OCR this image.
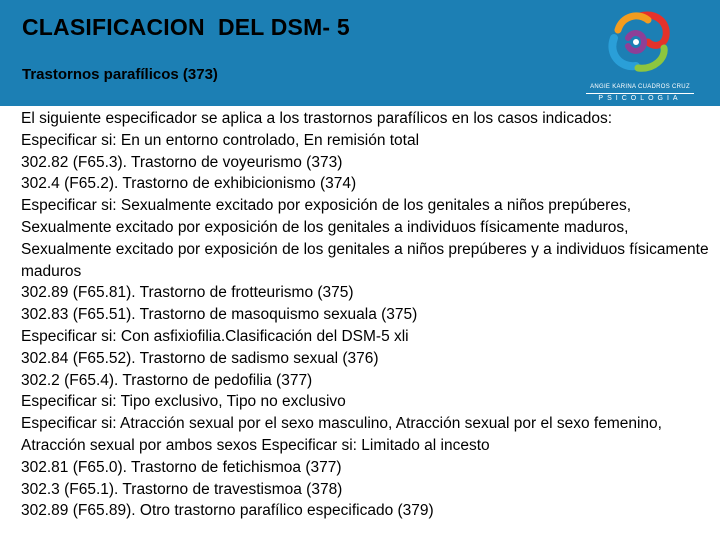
CLASIFICACION  DEL DSM- 5
Trastornos parafílicos (373)
ANGIE KARINA CUADROS CRUZ
PSICOLOGIA

El siguiente especificador se aplica a los trastornos parafílicos en los casos indicados:

Especificar si: En un entorno controlado, En remisión total

302.82 (F65.3). Trastorno de voyeurismo (373)

302.4 (F65.2). Trastorno de exhibicionismo (374)

Especificar si: Sexualmente excitado por exposición de los genitales a niños prepúberes, Sexualmente excitado por exposición de los genitales a individuos físicamente maduros, Sexualmente excitado por exposición de los genitales a niños prepúberes y a individuos físicamente maduros

302.89 (F65.81). Trastorno de frotteurismo (375)

302.83 (F65.51). Trastorno de masoquismo sexuala (375)

Especificar si: Con asfixiofilia.Clasificación del DSM-5 xli

302.84 (F65.52). Trastorno de sadismo sexual (376)

302.2 (F65.4). Trastorno de pedofilia (377)

Especificar si: Tipo exclusivo, Tipo no exclusivo

Especificar si: Atracción sexual por el sexo masculino, Atracción sexual por el sexo femenino, Atracción sexual por ambos sexos Especificar si: Limitado al incesto

302.81 (F65.0). Trastorno de fetichismoa (377)

302.3 (F65.1). Trastorno de travestismoa (378)

302.89 (F65.89). Otro trastorno parafílico especificado (379)
